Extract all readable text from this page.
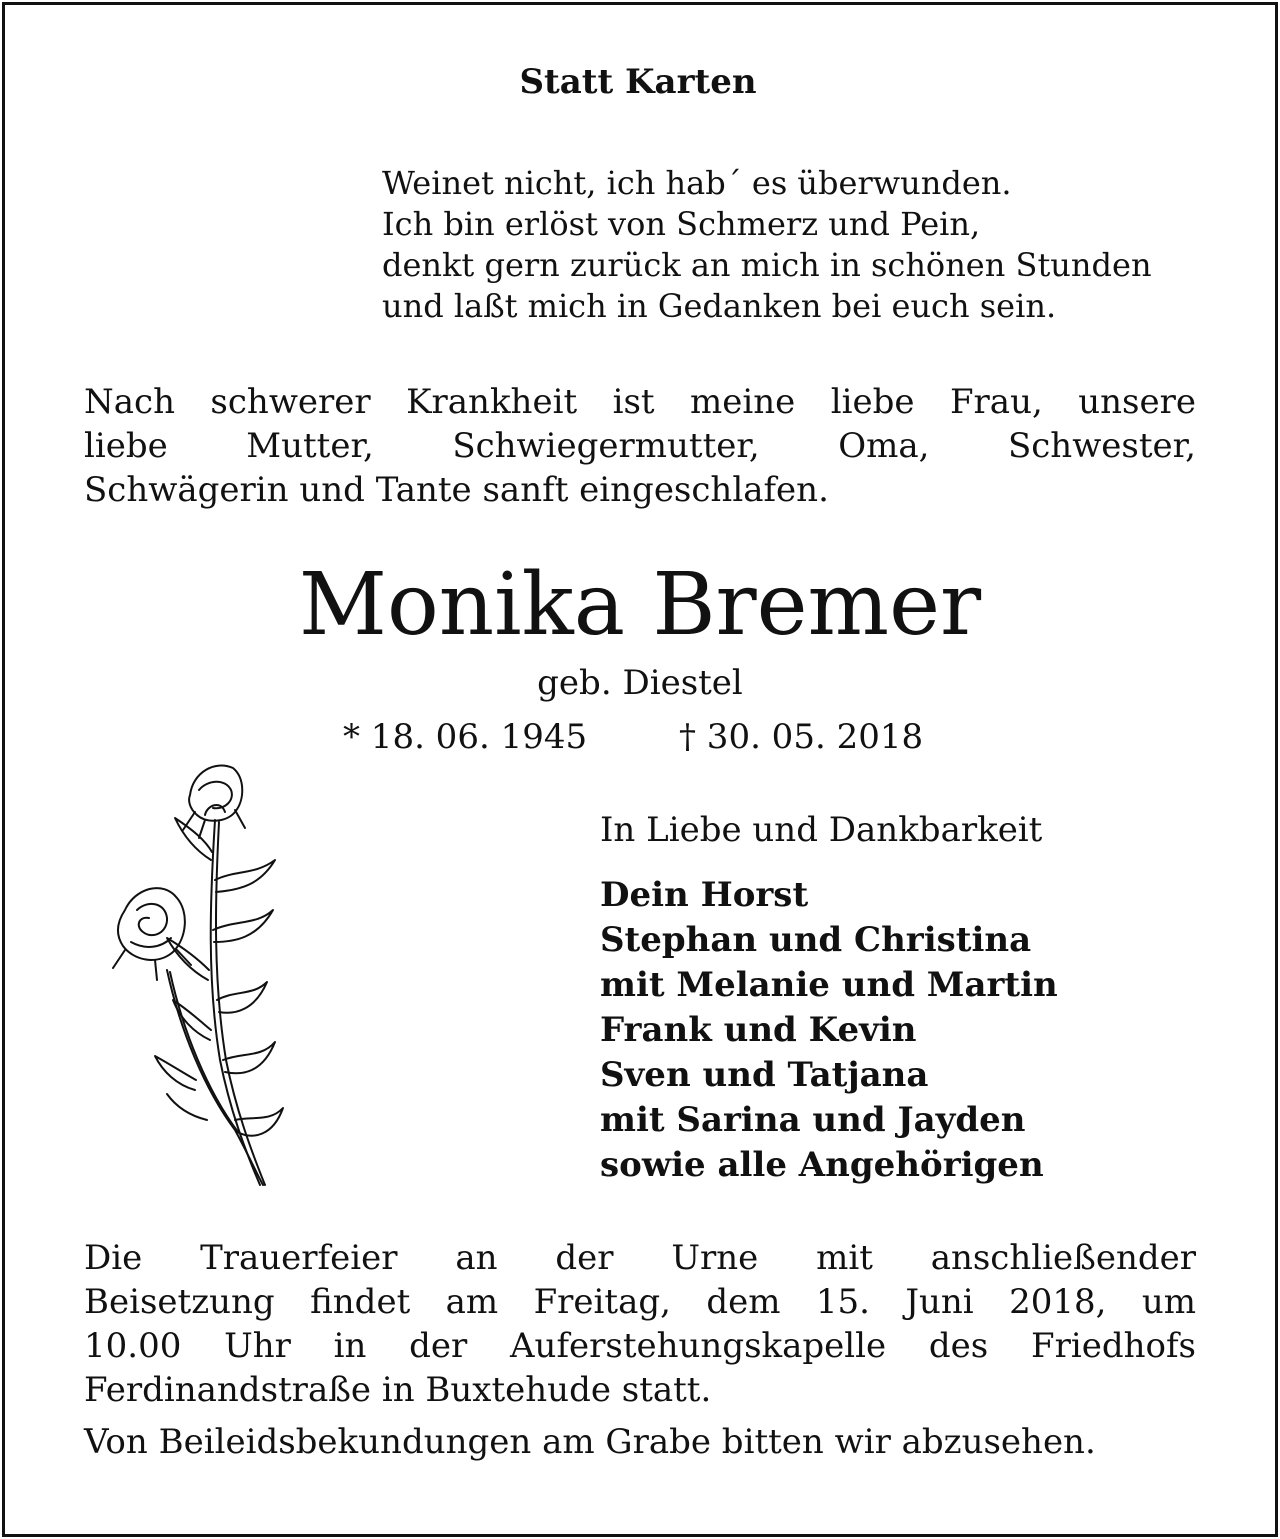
Statt Karten
Weinet nicht, ich hab´ es überwunden.
Ich bin erlöst von Schmerz und Pein,
denkt gern zurück an mich in schönen Stunden
und laßt mich in Gedanken bei euch sein.
Nach schwerer Krankheit ist meine liebe Frau, unsere
liebe Mutter, Schwiegermutter, Oma, Schwester,
Schwägerin und Tante sanft eingeschlafen.
Monika Bremer
geb. Diestel
* 18. 06. 1945	† 30. 05. 2018
In Liebe und Dankbarkeit
Dein Horst
Stephan und Christina
mit Melanie und Martin
Frank und Kevin
Sven und Tatjana
mit Sarina und Jayden
sowie alle Angehörigen
Die Trauerfeier an der Urne mit anschließender
Beisetzung findet am Freitag, dem 15. Juni 2018, um
10.00 Uhr in der Auferstehungskapelle des Friedhofs
Ferdinandstraße in Buxtehude statt.
Von Beileidsbekundungen am Grabe bitten wir abzusehen.
